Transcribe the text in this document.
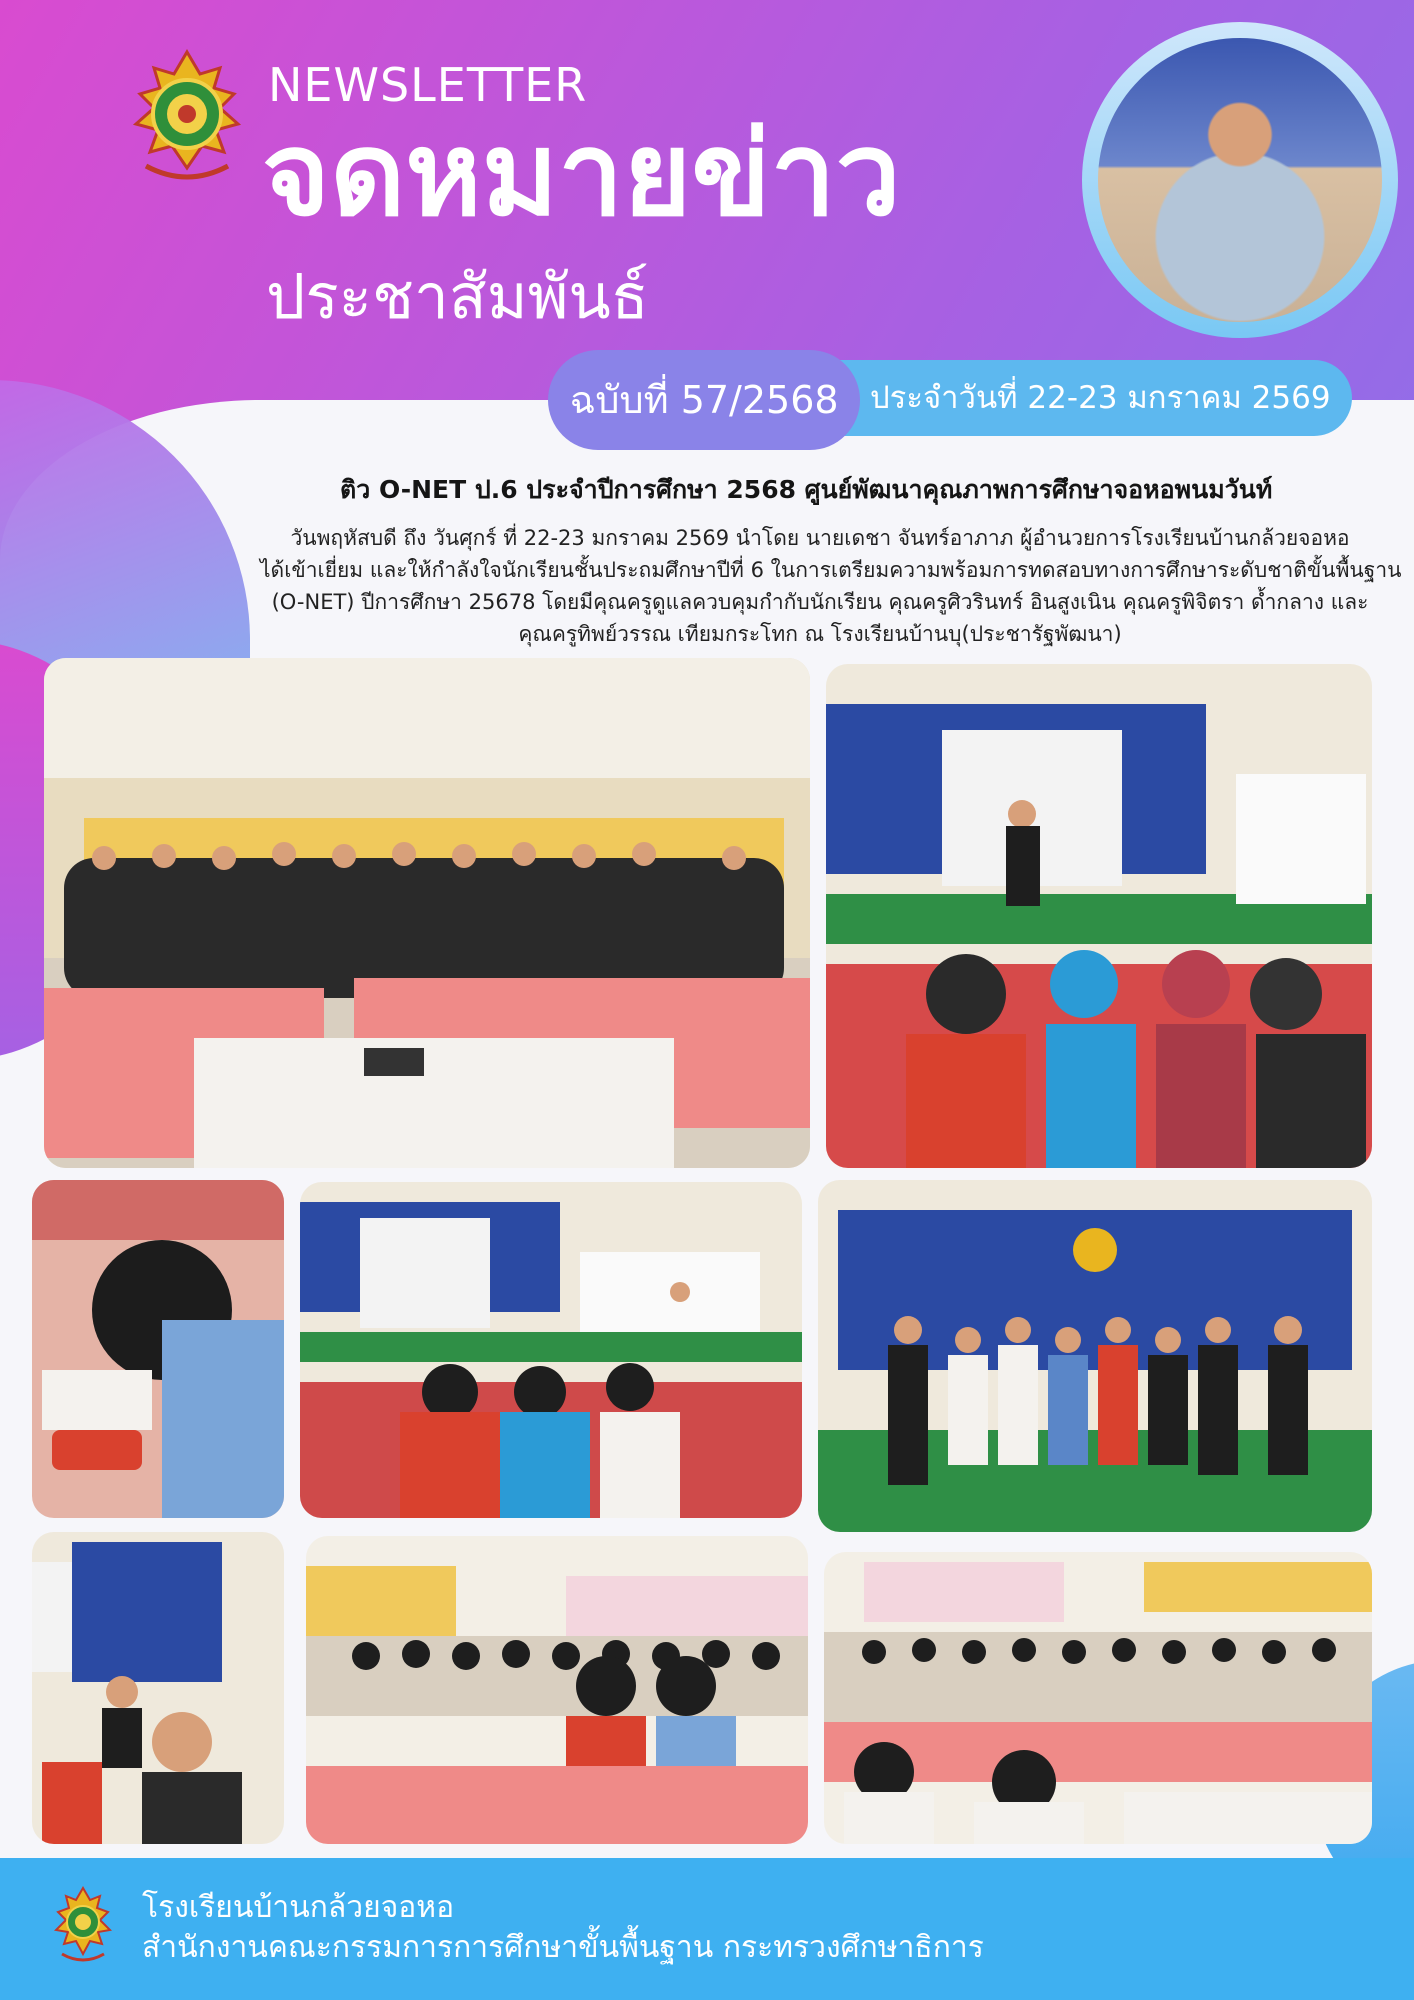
NEWSLETTER
จดหมายข่าว
ประชาสัมพันธ์
ประจำวันที่ 22-23 มกราคม 2569
ฉบับที่ 57/2568
ติว O-NET ป.6 ประจำปีการศึกษา 2568 ศูนย์พัฒนาคุณภาพการศึกษาจอหอพนมวันท์
วันพฤหัสบดี ถึง วันศุกร์ ที่ 22-23 มกราคม 2569 นำโดย นายเดชา จันทร์อาภาภ ผู้อำนวยการโรงเรียนบ้านกล้วยจอหอ
ได้เข้าเยี่ยม และให้กำลังใจนักเรียนชั้นประถมศึกษาปีที่ 6 ในการเตรียมความพร้อมการทดสอบทางการศึกษาระดับชาติขั้นพื้นฐาน
(O-NET) ปีการศึกษา 25678 โดยมีคุณครูดูแลควบคุมกำกับนักเรียน คุณครูศิวรินทร์ อินสูงเนิน คุณครูพิจิตรา ด้ำกลาง และ
คุณครูทิพย์วรรณ เทียมกระโทก ณ โรงเรียนบ้านบุ(ประชารัฐพัฒนา)
โรงเรียนบ้านกล้วยจอหอ
สำนักงานคณะกรรมการการศึกษาขั้นพื้นฐาน กระทรวงศึกษาธิการ
